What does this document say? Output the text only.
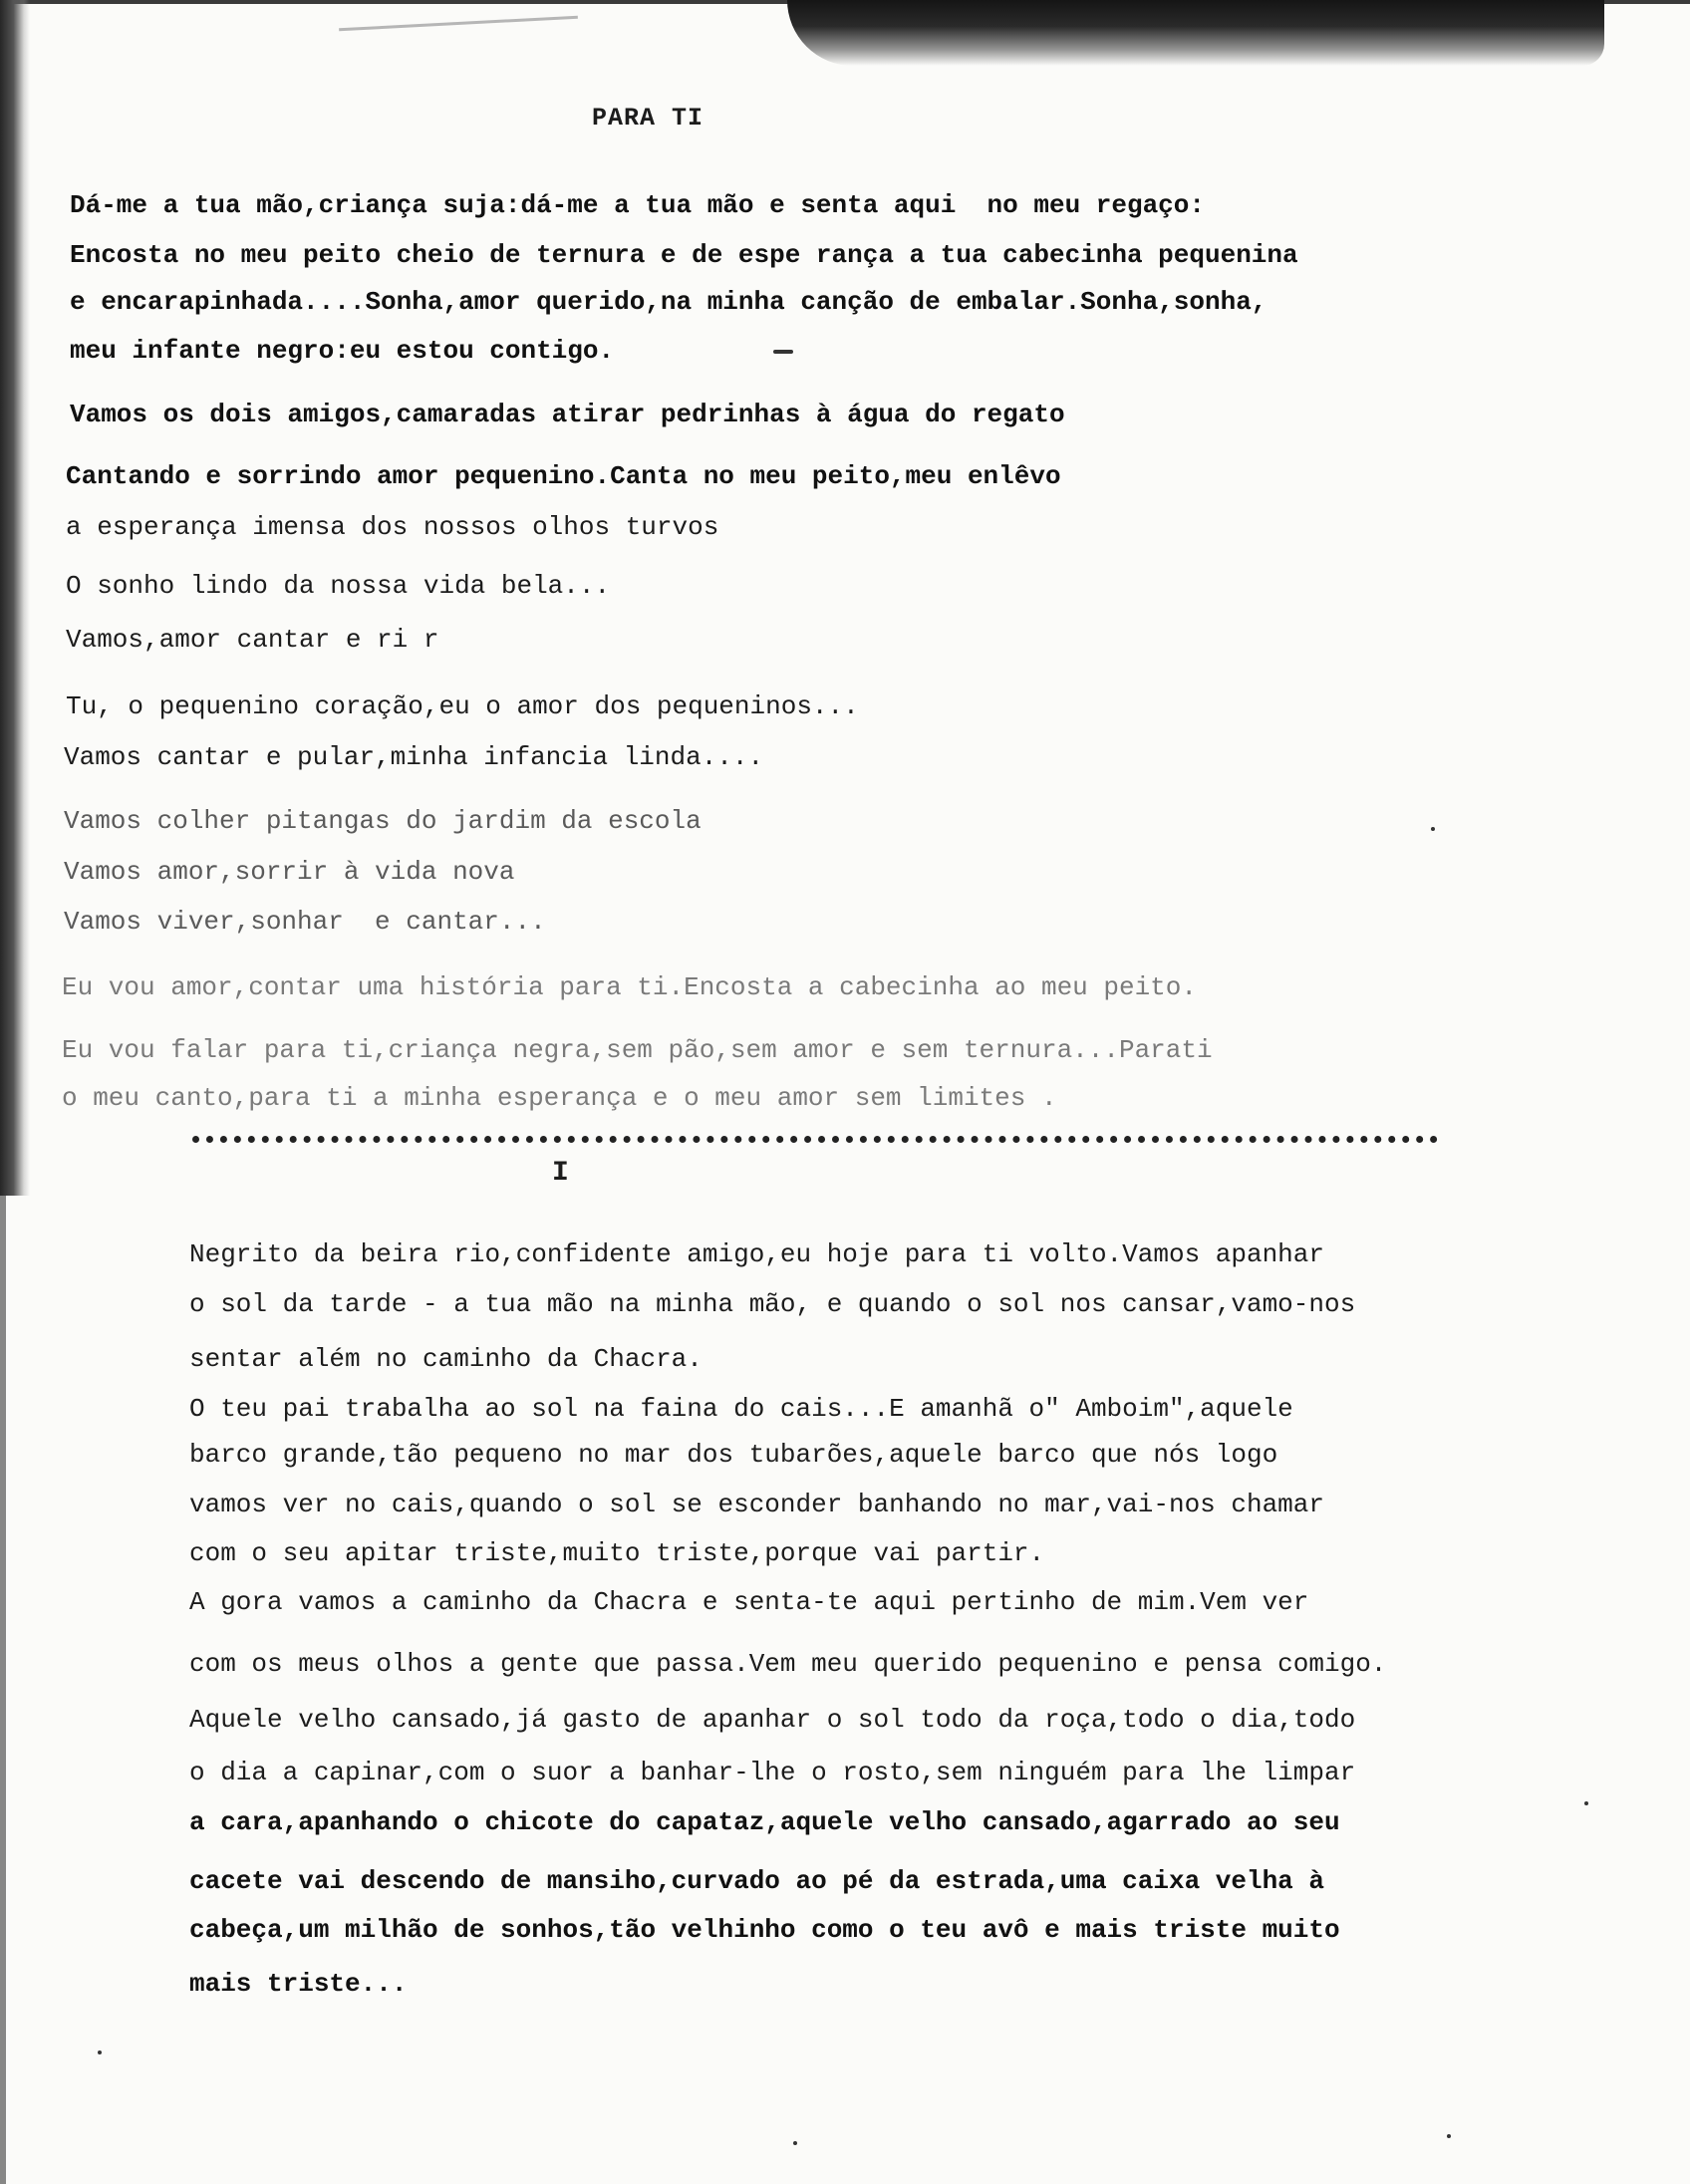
PARA TI
Dá-me a tua mão,criança suja:dá-me a tua mão e senta aqui  no meu regaço:
Encosta no meu peito cheio de ternura e de espe rança a tua cabecinha pequenina
e encarapinhada....Sonha,amor querido,na minha canção de embalar.Sonha,sonha,
meu infante negro:eu estou contigo.
Vamos os dois amigos,camaradas atirar pedrinhas à água do regato
Cantando e sorrindo amor pequenino.Canta no meu peito,meu enlêvo
a esperança imensa dos nossos olhos turvos
O sonho lindo da nossa vida bela...
Vamos,amor cantar e ri r
Tu, o pequenino coração,eu o amor dos pequeninos...
Vamos cantar e pular,minha infancia linda....
Vamos colher pitangas do jardim da escola
Vamos amor,sorrir à vida nova
Vamos viver,sonhar  e cantar...
Eu vou amor,contar uma história para ti.Encosta a cabecinha ao meu peito.
Eu vou falar para ti,criança negra,sem pão,sem amor e sem ternura...Parati
o meu canto,para ti a minha esperança e o meu amor sem limites .
I
Negrito da beira rio,confidente amigo,eu hoje para ti volto.Vamos apanhar
o sol da tarde - a tua mão na minha mão, e quando o sol nos cansar,vamo-nos
sentar além no caminho da Chacra.
O teu pai trabalha ao sol na faina do cais...E amanhã o" Amboim",aquele
barco grande,tão pequeno no mar dos tubarões,aquele barco que nós logo
vamos ver no cais,quando o sol se esconder banhando no mar,vai-nos chamar
com o seu apitar triste,muito triste,porque vai partir.
A gora vamos a caminho da Chacra e senta-te aqui pertinho de mim.Vem ver
com os meus olhos a gente que passa.Vem meu querido pequenino e pensa comigo.
Aquele velho cansado,já gasto de apanhar o sol todo da roça,todo o dia,todo
o dia a capinar,com o suor a banhar-lhe o rosto,sem ninguém para lhe limpar
a cara,apanhando o chicote do capataz,aquele velho cansado,agarrado ao seu
cacete vai descendo de mansiho,curvado ao pé da estrada,uma caixa velha à
cabeça,um milhão de sonhos,tão velhinho como o teu avô e mais triste muito
mais triste...
